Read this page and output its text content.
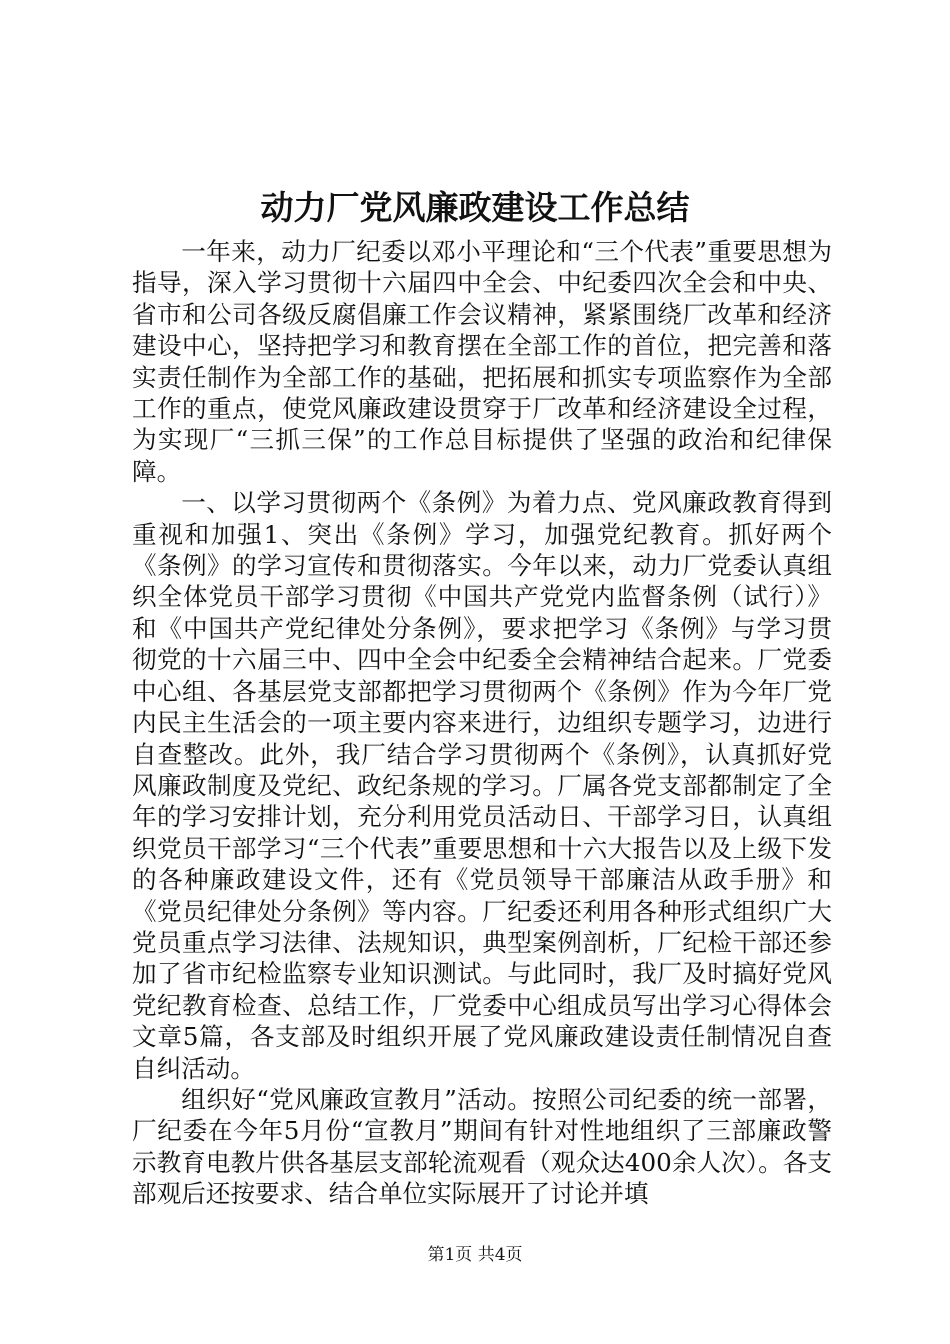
动力厂党风廉政建设工作总结

一年来，动力厂纪委以邓小平理论和“三个代表”重要思想为指导，深入学习贯彻十六届四中全会、中纪委四次全会和中央、省市和公司各级反腐倡廉工作会议精神，紧紧围绕厂改革和经济建设中心，坚持把学习和教育摆在全部工作的首位，把完善和落实责任制作为全部工作的基础，把拓展和抓实专项监察作为全部工作的重点，使党风廉政建设贯穿于厂改革和经济建设全过程，为实现厂“三抓三保”的工作总目标提供了坚强的政治和纪律保障。

一、以学习贯彻两个《条例》为着力点、党风廉政教育得到重视和加强1、突出《条例》学习，加强党纪教育。抓好两个《条例》的学习宣传和贯彻落实。今年以来，动力厂党委认真组织全体党员干部学习贯彻《中国共产党党内监督条例（试行）》和《中国共产党纪律处分条例》，要求把学习《条例》与学习贯彻党的十六届三中、四中全会中纪委全会精神结合起来。厂党委中心组、各基层党支部都把学习贯彻两个《条例》作为今年厂党内民主生活会的一项主要内容来进行，边组织专题学习，边进行自查整改。此外，我厂结合学习贯彻两个《条例》，认真抓好党风廉政制度及党纪、政纪条规的学习。厂属各党支部都制定了全年的学习安排计划，充分利用党员活动日、干部学习日，认真组织党员干部学习“三个代表”重要思想和十六大报告以及上级下发的各种廉政建设文件，还有《党员领导干部廉洁从政手册》和《党员纪律处分条例》等内容。厂纪委还利用各种形式组织广大党员重点学习法律、法规知识，典型案例剖析，厂纪检干部还参加了省市纪检监察专业知识测试。与此同时，我厂及时搞好党风党纪教育检查、总结工作，厂党委中心组成员写出学习心得体会文章5篇，各支部及时组织开展了党风廉政建设责任制情况自查自纠活动。

组织好“党风廉政宣教月”活动。按照公司纪委的统一部署，厂纪委在今年5月份“宣教月”期间有针对性地组织了三部廉政警示教育电教片供各基层支部轮流观看（观众达400余人次）。各支部观后还按要求、结合单位实际展开了讨论并填

第1页 共4页
